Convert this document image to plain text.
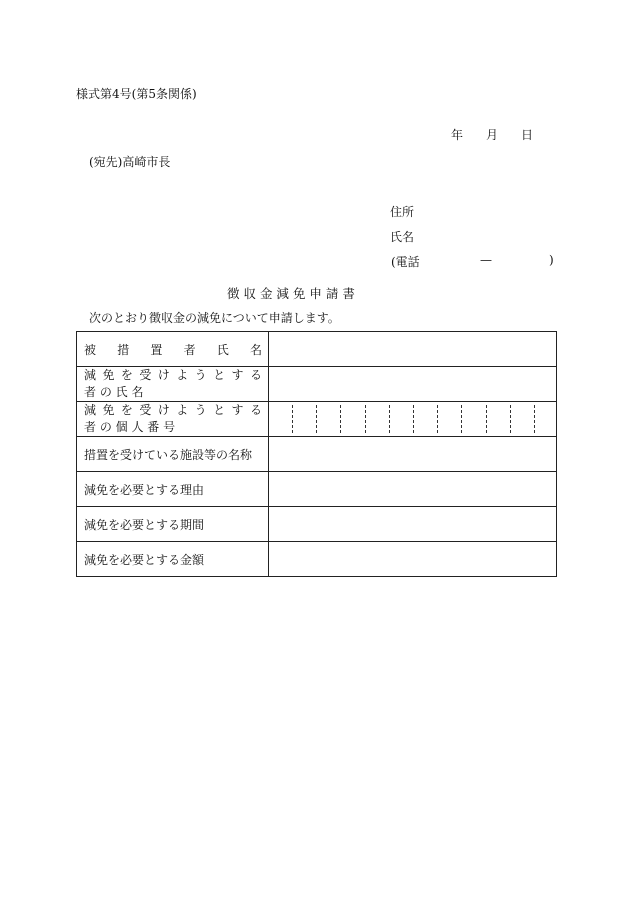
様式第4号(第5条関係)
年 月 日
(宛先)高崎市長
住所
氏名
(電話	—	)
徴 収 金 減 免 申 請 書
次のとおり徴収金の減免について申請します。
被 措 置 者 氏 名	

減 免 を 受 け よ う と す る
者 の 氏 名	

減 免 を 受 け よ う と す る
者 の 個 人 番 号	

措置を受けている施設等の名称	
減免を必要とする理由	
減免を必要とする期間	
減免を必要とする金額	
